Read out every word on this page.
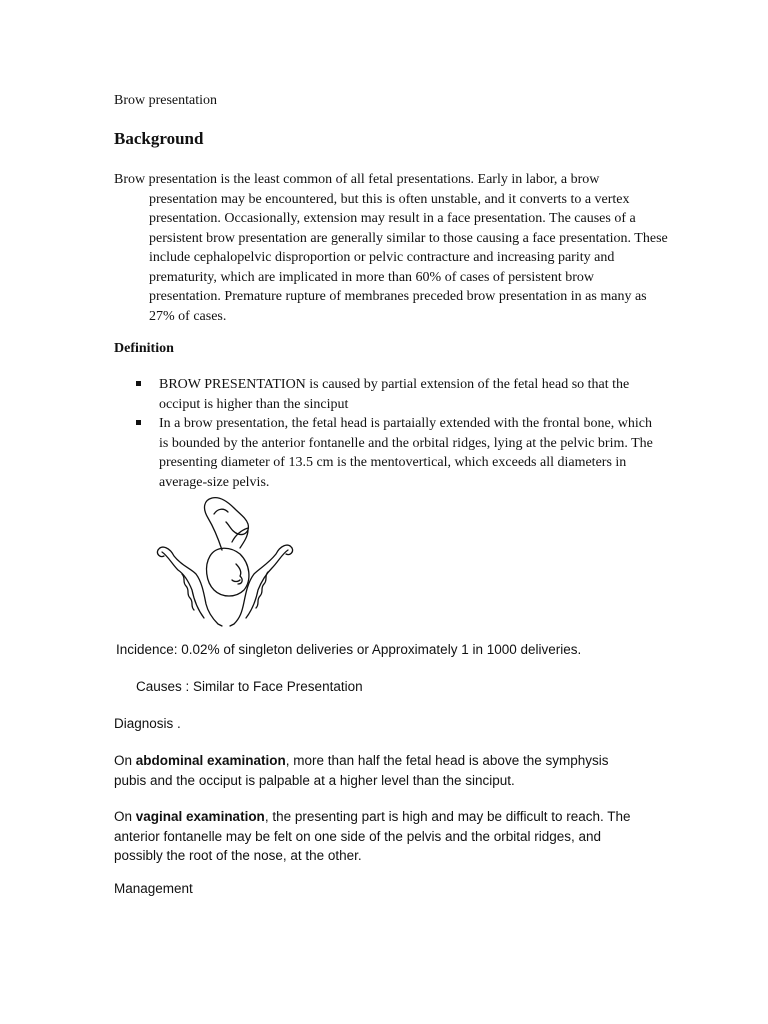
Brow presentation
Background
Brow presentation is the least common of all fetal presentations. Early in labor, a brow presentation may be encountered, but this is often unstable, and it converts to a vertex presentation. Occasionally, extension may result in a face presentation. The causes of a persistent brow presentation are generally similar to those causing a face presentation. These include cephalopelvic disproportion or pelvic contracture and increasing parity and prematurity, which are implicated in more than 60% of cases of persistent brow presentation. Premature rupture of membranes preceded brow presentation in as many as 27% of cases.
Definition
BROW PRESENTATION is caused by partial extension of the fetal head so that the occiput is higher than the sinciput
In a brow presentation, the fetal head is partaially extended with the frontal bone, which is bounded by the anterior fontanelle and the orbital ridges, lying at the pelvic brim. The presenting diameter of 13.5 cm is the mentovertical, which exceeds all diameters in average-size pelvis.
Incidence: 0.02% of singleton deliveries or Approximately 1 in 1000 deliveries.
Causes : Similar to Face Presentation
Diagnosis .
On abdominal examination, more than half the fetal head is above the symphysis pubis and the occiput is palpable at a higher level than the sinciput.
On vaginal examination, the presenting part is high and may be difficult to reach. The anterior fontanelle may be felt on one side of the pelvis and the orbital ridges, and possibly the root of the nose, at the other.
Management
